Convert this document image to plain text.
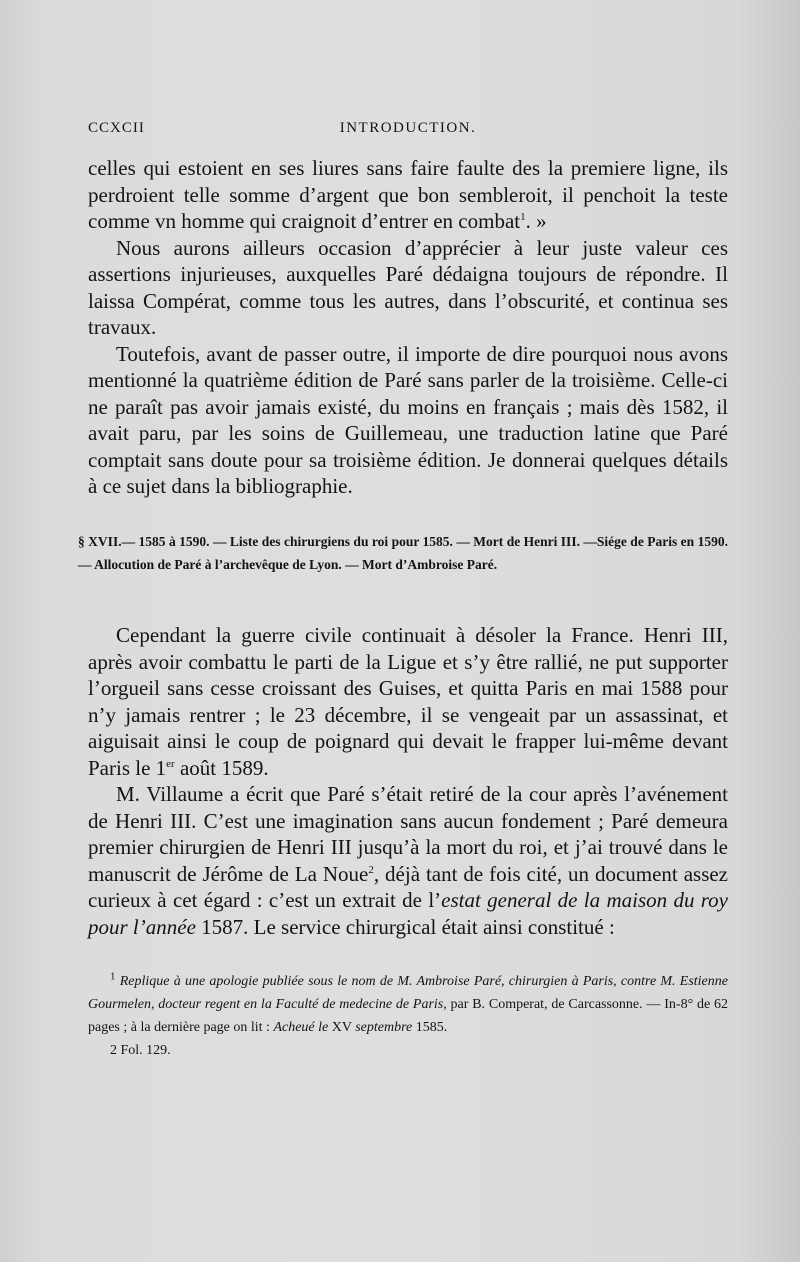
CCXCII	INTRODUCTION.

celles qui estoient en ses liures sans faire faulte des la premiere ligne, ils perdroient telle somme d’argent que bon sembleroit, il penchoit la teste comme vn homme qui craignoit d’entrer en combat$^1$. »

Nous aurons ailleurs occasion d’apprécier à leur juste valeur ces assertions injurieuses, auxquelles Paré dédaigna toujours de répondre. Il laissa Compérat, comme tous les autres, dans l’obscurité, et continua ses travaux.

Toutefois, avant de passer outre, il importe de dire pourquoi nous avons mentionné la quatrième édition de Paré sans parler de la troisième. Celle-ci ne paraît pas avoir jamais existé, du moins en français ; mais dès 1582, il avait paru, par les soins de Guillemeau, une traduction latine que Paré comptait sans doute pour sa troisième édition. Je donnerai quelques détails à ce sujet dans la bibliographie.

§ XVII.— 1585 à 1590. — Liste des chirurgiens du roi pour 1585. — Mort de Henri III. —Siége de Paris en 1590. — Allocution de Paré à l’archevêque de Lyon. — Mort d’Ambroise Paré.

Cependant la guerre civile continuait à désoler la France. Henri III, après avoir combattu le parti de la Ligue et s’y être rallié, ne put supporter l’orgueil sans cesse croissant des Guises, et quitta Paris en mai 1588 pour n’y jamais rentrer ; le 23 décembre, il se vengeait par un assassinat, et aiguisait ainsi le coup de poignard qui devait le frapper lui-même devant Paris le 1er août 1589.

M. Villaume a écrit que Paré s’était retiré de la cour après l’avénement de Henri III. C’est une imagination sans aucun fondement ; Paré demeura premier chirurgien de Henri III jusqu’à la mort du roi, et j’ai trouvé dans le manuscrit de Jérôme de La Noue$^2$, déjà tant de fois cité, un document assez curieux à cet égard : c’est un extrait de l’estat general de la maison du roy pour l’année 1587. Le service chirurgical était ainsi constitué :

$^1$ Replique à une apologie publiée sous le nom de M. Ambroise Paré, chirurgien à Paris, contre M. Estienne Gourmelen, docteur regent en la Faculté de medecine de Paris, par B. Comperat, de Carcassonne. — In-8° de 62 pages ; à la dernière page on lit : Acheué le XV septembre 1585.

2 Fol. 129.
